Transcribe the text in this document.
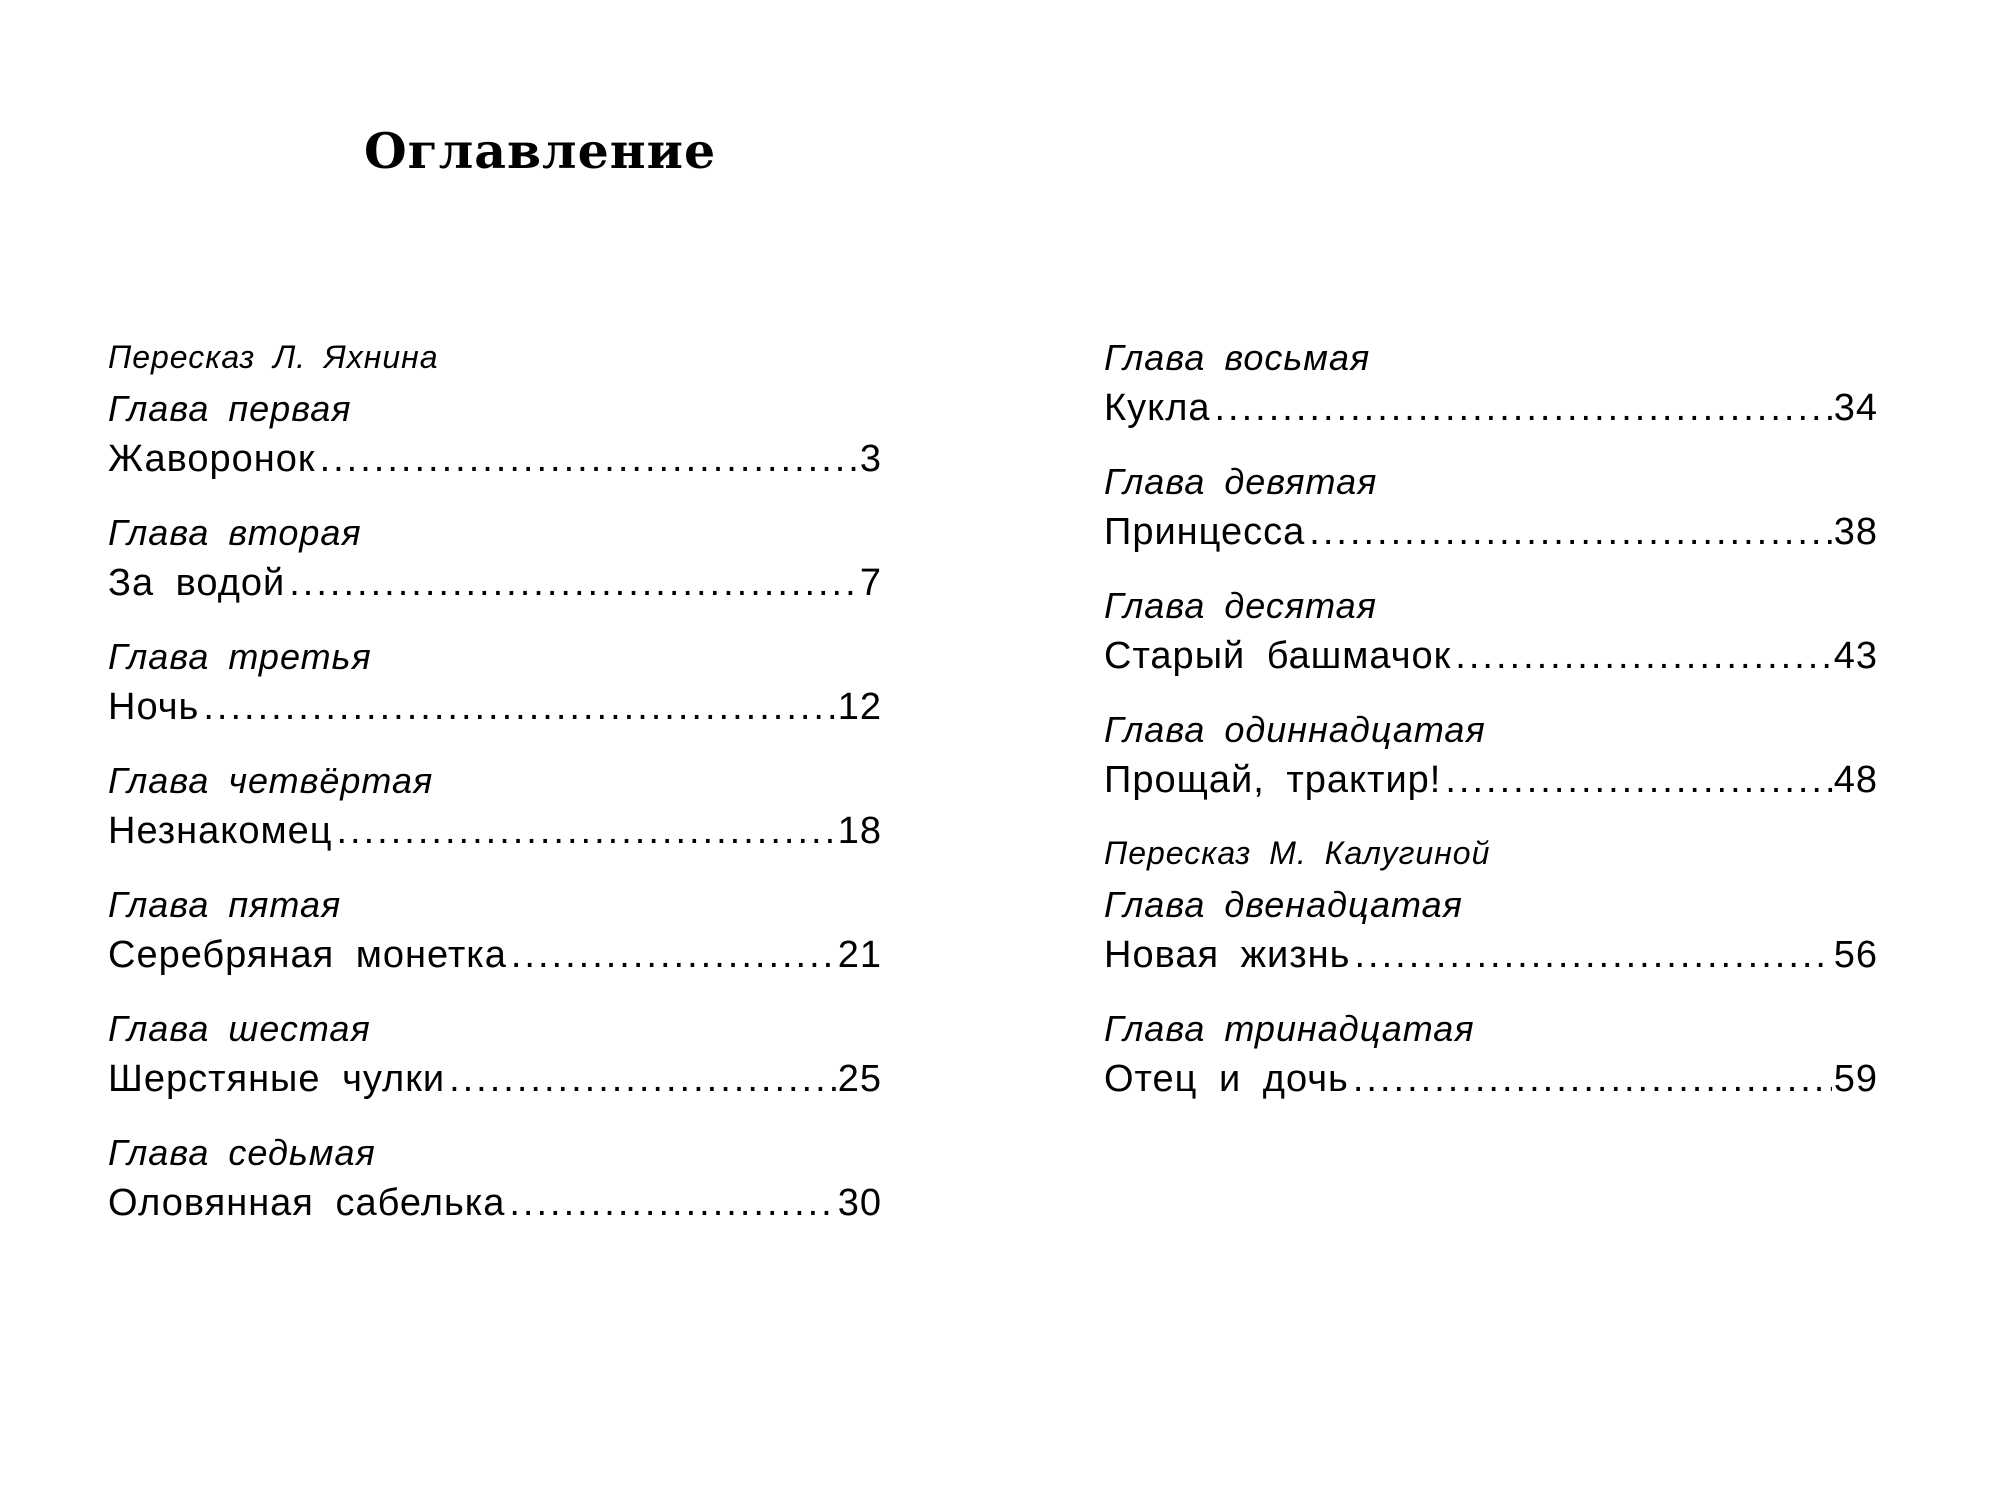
Оглавление
Пересказ Л. Яхнина
Глава первая
Жаворонок .....	3
Глава вторая
За водой .....	7
Глава третья
Ночь .....	12
Глава четвёртая
Незнакомец .....	18
Глава пятая
Серебряная монетка .....	21
Глава шестая
Шерстяные чулки .....	25
Глава седьмая
Оловянная сабелька .....	30
Глава восьмая
Кукла .....	34
Глава девятая
Принцесса .....	38
Глава десятая
Старый башмачок .....	43
Глава одиннадцатая
Прощай, трактир! .....	48
Пересказ М. Калугиной
Глава двенадцатая
Новая жизнь .....	56
Глава тринадцатая
Отец и дочь .....	59
